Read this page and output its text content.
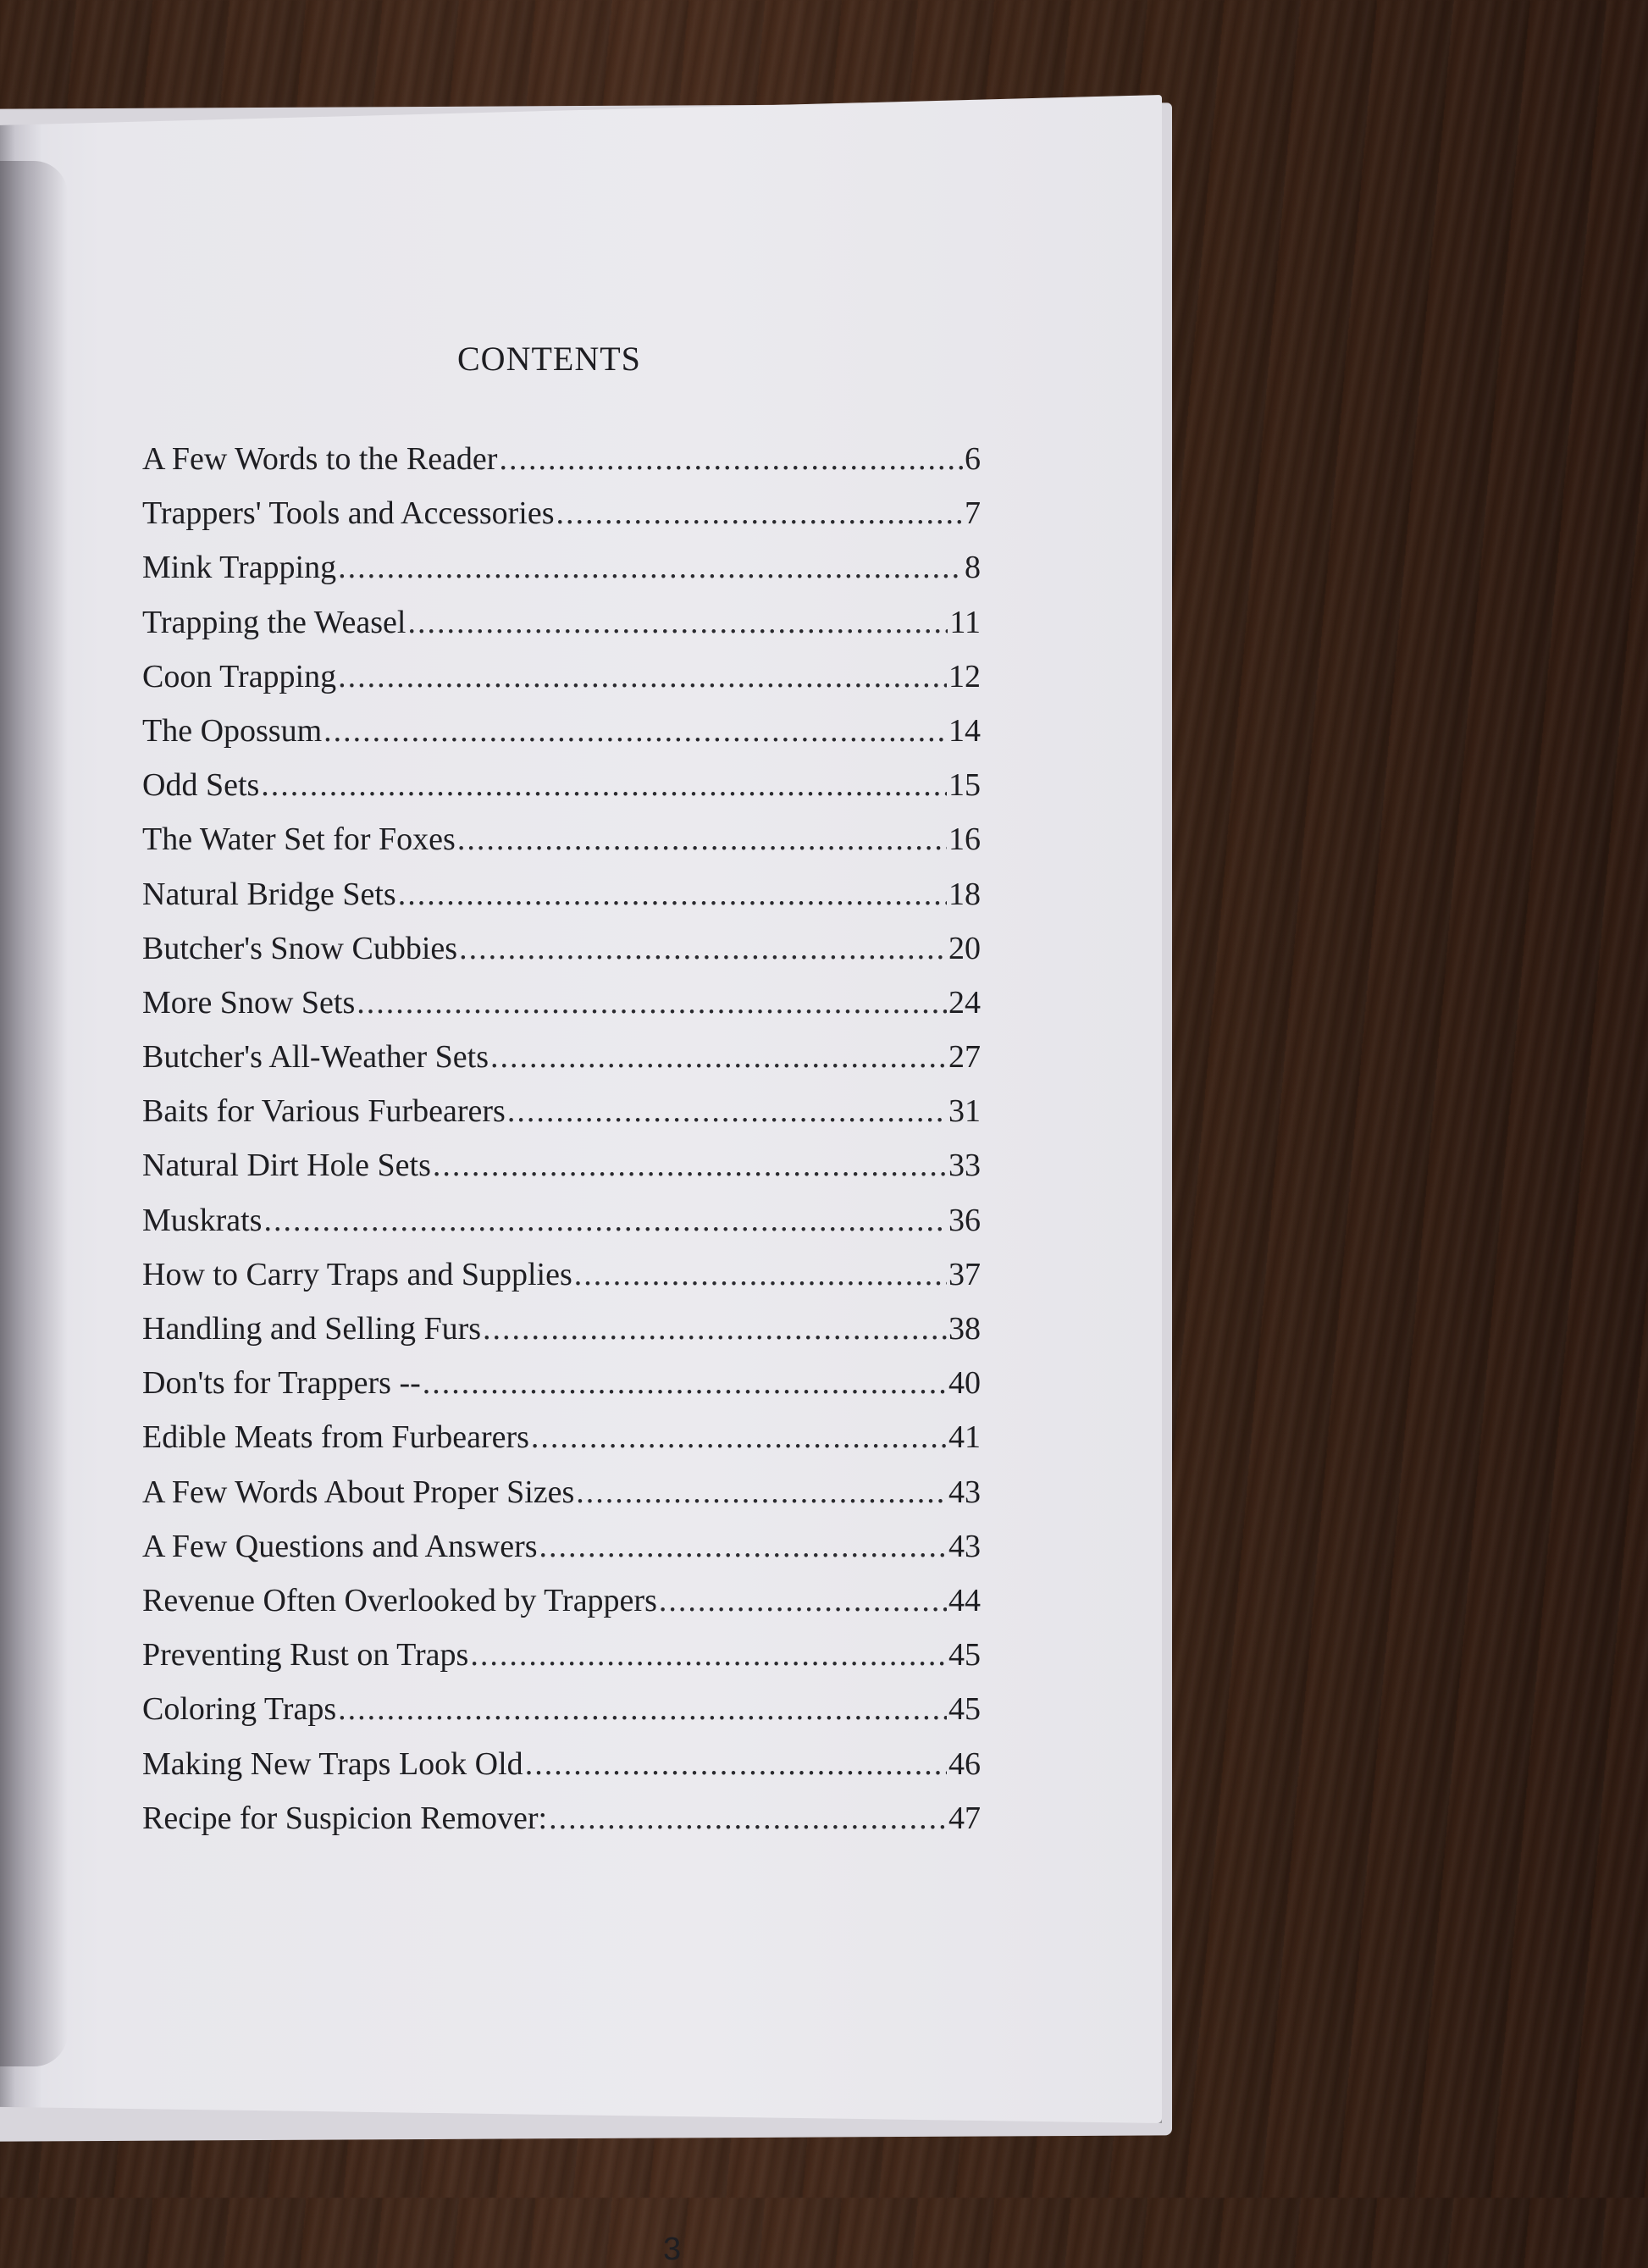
CONTENTS
A Few Words to the Reader .....	6
Trappers' Tools and Accessories .....	7
Mink Trapping .....	8
Trapping the Weasel .....	11
Coon Trapping .....	12
The Opossum .....	14
Odd Sets .....	15
The Water Set for Foxes .....	16
Natural Bridge Sets .....	18
Butcher's Snow Cubbies .....	20
More Snow Sets .....	24
Butcher's All-Weather Sets .....	27
Baits for Various Furbearers .....	31
Natural Dirt Hole Sets .....	33
Muskrats .....	36
How to Carry Traps and Supplies .....	37
Handling and Selling Furs .....	38
Don'ts for Trappers -- .....	40
Edible Meats from Furbearers .....	41
A Few Words About Proper Sizes .....	43
A Few Questions and Answers .....	43
Revenue Often Overlooked by Trappers .....	44
Preventing Rust on Traps .....	45
Coloring Traps .....	45
Making New Traps Look Old .....	46
Recipe for Suspicion Remover: .....	47
3
